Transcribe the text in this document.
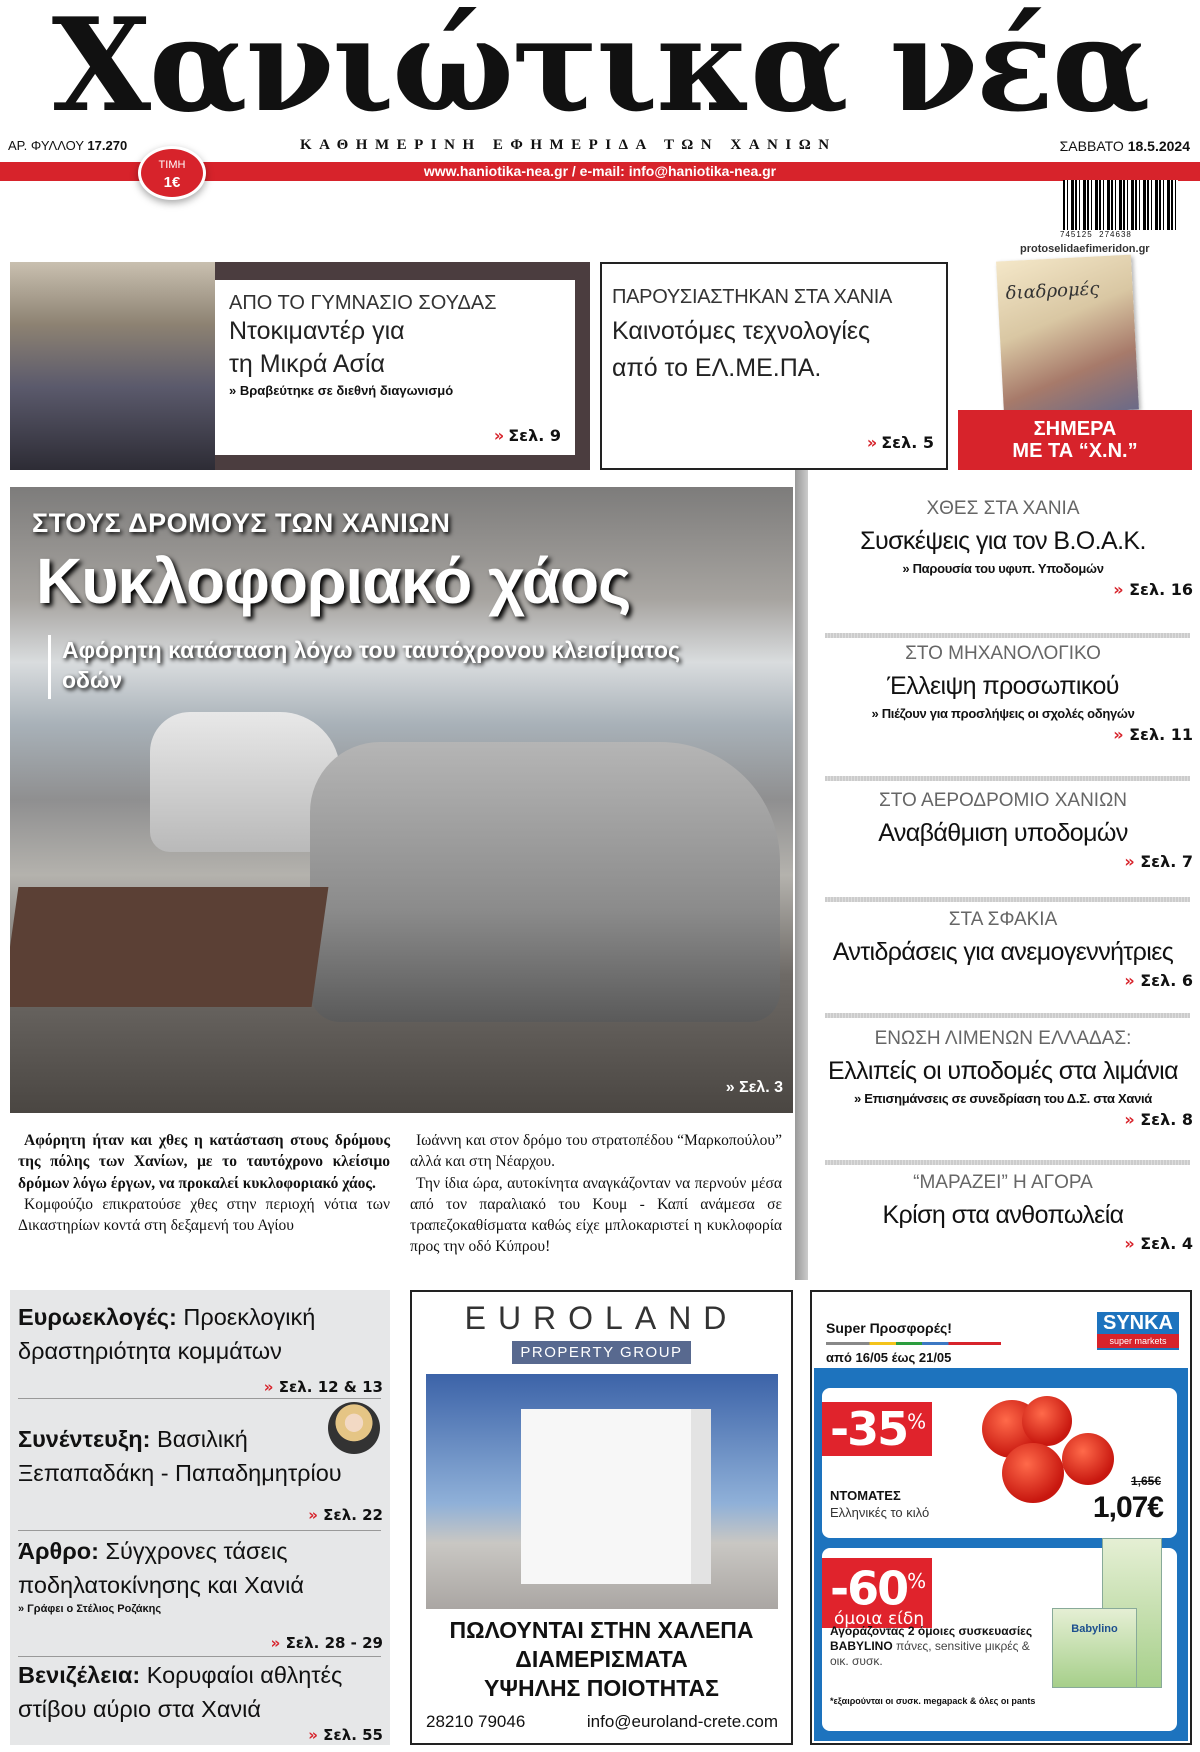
Χανιώτικα νέα
ΑΡ. ΦΥΛΛΟΥ 17.270	ΚΑΘΗΜΕΡΙΝΗ ΕΦΗΜΕΡΙΔΑ ΤΩΝ ΧΑΝΙΩΝ	ΣΑΒΒΑΤΟ 18.5.2024
www.haniotika-nea.gr / e-mail: info@haniotika-nea.gr
ΤΙΜΗ
1€
745125 274638
protoselidaefimeridon.gr
ΑΠΟ ΤΟ ΓΥΜΝΑΣΙΟ ΣΟΥΔΑΣ
Ντοκιμαντέρ για
τη Μικρά Ασία
» Βραβεύτηκε σε διεθνή διαγωνισμό
» Σελ. 9
ΠΑΡΟΥΣΙΑΣΤΗΚΑΝ ΣΤΑ ΧΑΝΙΑ
Καινοτόμες τεχνολογίες
από το ΕΛ.ΜΕ.ΠΑ.
» Σελ. 5
διαδρομές
ΣΗΜΕΡΑ
ΜΕ ΤΑ “Χ.Ν.”
ΣΤΟΥΣ ΔΡΟΜΟΥΣ ΤΩΝ ΧΑΝΙΩΝ
Κυκλοφοριακό χάος
Αφόρητη κατάσταση λόγω του ταυτόχρονου κλεισίματος οδών
» Σελ. 3

Αφόρητη ήταν και χθες η κατάσταση στους δρόμους της πόλης των Χανίων, με το ταυτόχρονο κλείσιμο δρόμων λόγω έργων, να προκαλεί κυκλοφοριακό χάος.

Κομφούζιο επικρατούσε χθες στην περιοχή νότια των Δικαστηρίων κοντά στη δεξαμενή του Αγίου

Ιωάννη και στον δρόμο του στρατοπέδου “Μαρκοπούλου” αλλά και στη Νέαρχου.

Την ίδια ώρα, αυτοκίνητα αναγκάζονταν να περνούν μέσα από τον παραλιακό του Κουμ - Καπί ανάμεσα σε τραπεζοκαθίσματα καθώς είχε μπλοκαριστεί η κυκλοφορία προς την οδό Κύπρου!

ΧΘΕΣ ΣΤΑ ΧΑΝΙΑ
Συσκέψεις για τον Β.Ο.Α.Κ.
» Παρουσία του υφυπ. Υποδομών
» Σελ. 16
ΣΤΟ ΜΗΧΑΝΟΛΟΓΙΚΟ
Έλλειψη προσωπικού
» Πιέζουν για προσλήψεις οι σχολές οδηγών
» Σελ. 11
ΣΤΟ ΑΕΡΟΔΡΟΜΙΟ ΧΑΝΙΩΝ
Αναβάθμιση υποδομών
» Σελ. 7
ΣΤΑ ΣΦΑΚΙΑ
Αντιδράσεις για ανεμογεννήτριες
» Σελ. 6
ΕΝΩΣΗ ΛΙΜΕΝΩΝ ΕΛΛΑΔΑΣ:
Ελλιπείς οι υποδομές στα λιμάνια
» Επισημάνσεις σε συνεδρίαση του Δ.Σ. στα Χανιά
» Σελ. 8
“ΜΑΡΑΖΕΙ” Η ΑΓΟΡΑ
Κρίση στα ανθοπωλεία
» Σελ. 4
Ευρωεκλογές: Προεκλογική δραστηριότητα κομμάτων
» Σελ. 12 & 13
Συνέντευξη: Βασιλική Ξεπαπαδάκη - Παπαδημητρίου
» Σελ. 22
Άρθρο: Σύγχρονες τάσεις ποδηλατοκίνησης και Χανιά
» Γράφει ο Στέλιος Ροζάκης
» Σελ. 28 - 29
Βενιζέλεια: Κορυφαίοι αθλητές στίβου αύριο στα Χανιά
» Σελ. 55
EUROLAND
PROPERTY GROUP
ΠΩΛΟΥΝΤΑΙ ΣΤΗΝ ΧΑΛΕΠΑ
ΔΙΑΜΕΡΙΣΜΑΤΑ
ΥΨΗΛΗΣ ΠΟΙΟΤΗΤΑΣ
28210 79046	info@euroland-crete.com
Super Προσφορές!
από 16/05 έως 21/05
SYNKA
super markets
-35%
ΝΤΟΜΑΤΕΣ
Ελληνικές το κιλό
1,65€
1,07€
-60%
όμοια είδη	Babylino
Αγοράζοντας 2 όμοιες συσκευασίες BABYLINO πάνες, sensitive μικρές & οικ. συσκ.
*εξαιρούνται οι συσκ. megapack & όλες οι pants
